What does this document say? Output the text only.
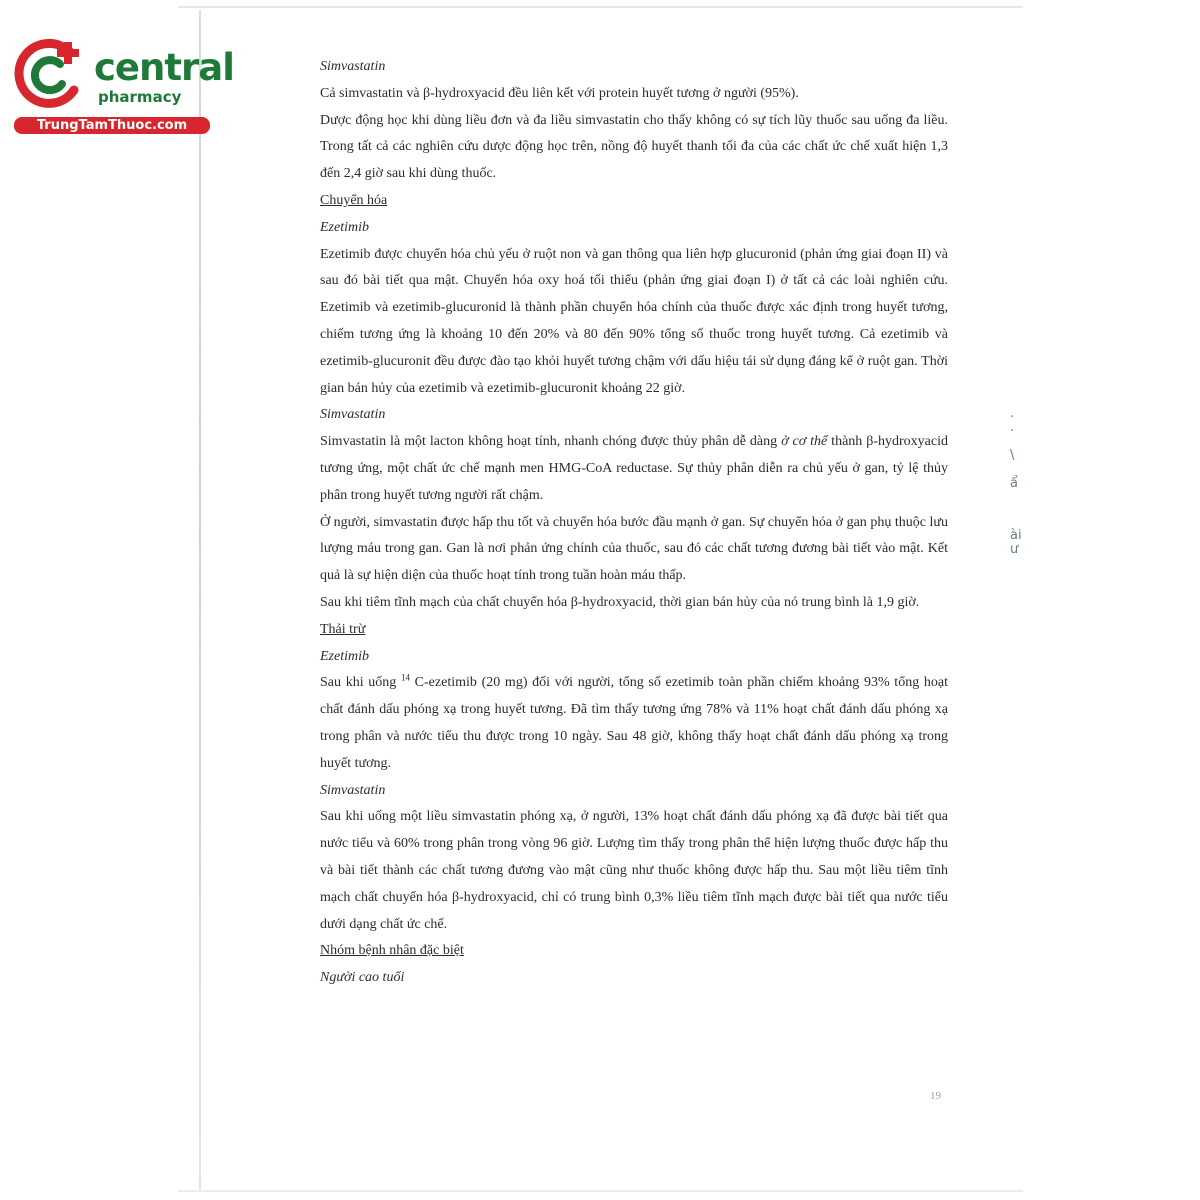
central
pharmacy
TrungTamThuoc.com
·
·
\
ẩ
ài
ư

Simvastatin

Cả simvastatin và β-hydroxyacid đều liên kết với protein huyết tương ở người (95%).

Dược động học khi dùng liều đơn và đa liều simvastatin cho thấy không có sự tích lũy thuốc sau uống đa liều. Trong tất cả các nghiên cứu dược động học trên, nồng độ huyết thanh tối đa của các chất ức chế xuất hiện 1,3 đến 2,4 giờ sau khi dùng thuốc.

Chuyển hóa

Ezetimib

Ezetimib được chuyển hóa chủ yếu ở ruột non và gan thông qua liên hợp glucuronid (phản ứng giai đoạn II) và sau đó bài tiết qua mật. Chuyển hóa oxy hoá tối thiểu (phản ứng giai đoạn I) ở tất cả các loài nghiên cứu. Ezetimib và ezetimib-glucuronid là thành phần chuyển hóa chính của thuốc được xác định trong huyết tương, chiếm tương ứng là khoảng 10 đến 20% và 80 đến 90% tổng số thuốc trong huyết tương. Cả ezetimib và ezetimib-glucuronit đều được đào tạo khỏi huyết tương chậm với dấu hiệu tái sử dụng đáng kể ở ruột gan. Thời gian bán hủy của ezetimib và ezetimib-glucuronit khoảng 22 giờ.

Simvastatin

Simvastatin là một lacton không hoạt tính, nhanh chóng được thủy phân dễ dàng ở cơ thể thành β-hydroxyacid tương ứng, một chất ức chế mạnh men HMG-CoA reductase. Sự thủy phân diễn ra chủ yếu ở gan, tỷ lệ thủy phân trong huyết tương người rất chậm.

Ở người, simvastatin được hấp thu tốt và chuyển hóa bước đầu mạnh ở gan. Sự chuyển hóa ở gan phụ thuộc lưu lượng máu trong gan. Gan là nơi phản ứng chính của thuốc, sau đó các chất tương đương bài tiết vào mật. Kết quả là sự hiện diện của thuốc hoạt tính trong tuần hoàn máu thấp.

Sau khi tiêm tĩnh mạch của chất chuyển hóa β-hydroxyacid, thời gian bán hủy của nó trung bình là 1,9 giờ.

Thải trừ

Ezetimib

Sau khi uống $^{14}$ C-ezetimib (20 mg) đối với người, tổng số ezetimib toàn phần chiếm khoảng 93% tổng hoạt chất đánh dấu phóng xạ trong huyết tương. Đã tìm thấy tương ứng 78% và 11% hoạt chất đánh dấu phóng xạ trong phân và nước tiểu thu được trong 10 ngày. Sau 48 giờ, không thấy hoạt chất đánh dấu phóng xạ trong huyết tương.

Simvastatin

Sau khi uống một liều simvastatin phóng xạ, ở người, 13% hoạt chất đánh dấu phóng xạ đã được bài tiết qua nước tiểu và 60% trong phân trong vòng 96 giờ. Lượng tìm thấy trong phân thể hiện lượng thuốc được hấp thu và bài tiết thành các chất tương đương vào mật cũng như thuốc không được hấp thu. Sau một liều tiêm tĩnh mạch chất chuyển hóa β-hydroxyacid, chỉ có trung bình 0,3% liều tiêm tĩnh mạch được bài tiết qua nước tiểu dưới dạng chất ức chế.

Nhóm bệnh nhân đặc biệt

Người cao tuổi

19
